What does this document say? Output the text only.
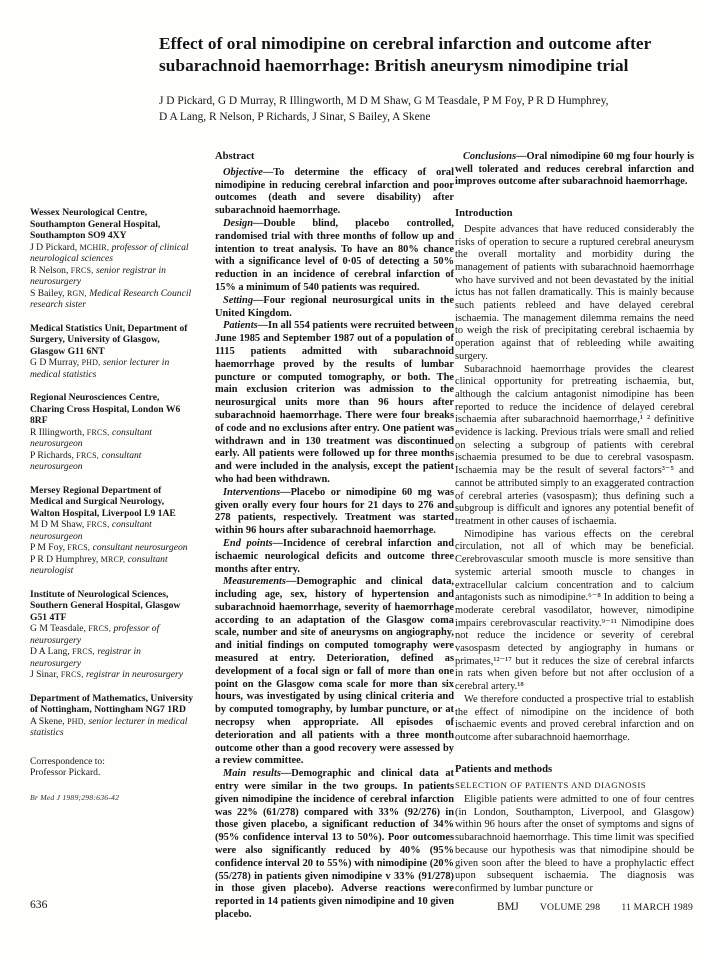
Effect of oral nimodipine on cerebral infarction and outcome after subarachnoid haemorrhage: British aneurysm nimodipine trial

J D Pickard, G D Murray, R Illingworth, M D M Shaw, G M Teasdale, P M Foy, P R D Humphrey,
D A Lang, R Nelson, P Richards, J Sinar, S Bailey, A Skene

Wessex Neurological Centre, Southampton General Hospital, Southampton SO9 4XY

J D Pickard, MCHIR, professor of clinical neurological sciences

R Nelson, FRCS, senior registrar in neurosurgery

S Bailey, RGN, Medical Research Council research sister

Medical Statistics Unit, Department of Surgery, University of Glasgow, Glasgow G11 6NT

G D Murray, PHD, senior lecturer in medical statistics

Regional Neurosciences Centre, Charing Cross Hospital, London W6 8RF

R Illingworth, FRCS, consultant neurosurgeon

P Richards, FRCS, consultant neurosurgeon

Mersey Regional Department of Medical and Surgical Neurology, Walton Hospital, Liverpool L9 1AE

M D M Shaw, FRCS, consultant neurosurgeon

P M Foy, FRCS, consultant neurosurgeon

P R D Humphrey, MRCP, consultant neurologist

Institute of Neurological Sciences, Southern General Hospital, Glasgow G51 4TF

G M Teasdale, FRCS, professor of neurosurgery

D A Lang, FRCS, registrar in neurosurgery

J Sinar, FRCS, registrar in neurosurgery

Department of Mathematics, University of Nottingham, Nottingham NG7 1RD

A Skene, PHD, senior lecturer in medical statistics

Correspondence to:
Professor Pickard.

Br Med J 1989;298:636-42

Abstract

Objective—To determine the efficacy of oral nimodipine in reducing cerebral infarction and poor outcomes (death and severe disability) after subarachnoid haemorrhage.

Design—Double blind, placebo controlled, randomised trial with three months of follow up and intention to treat analysis. To have an 80% chance with a significance level of 0·05 of detecting a 50% reduction in an incidence of cerebral infarction of 15% a minimum of 540 patients was required.

Setting—Four regional neurosurgical units in the United Kingdom.

Patients—In all 554 patients were recruited between June 1985 and September 1987 out of a population of 1115 patients admitted with subarachnoid haemorrhage proved by the results of lumbar puncture or computed tomography, or both. The main exclusion criterion was admission to the neurosurgical units more than 96 hours after subarachnoid haemorrhage. There were four breaks of code and no exclusions after entry. One patient was withdrawn and in 130 treatment was discontinued early. All patients were followed up for three months and were included in the analysis, except the patient who had been withdrawn.

Interventions—Placebo or nimodipine 60 mg was given orally every four hours for 21 days to 276 and 278 patients, respectively. Treatment was started within 96 hours after subarachnoid haemorrhage.

End points—Incidence of cerebral infarction and ischaemic neurological deficits and outcome three months after entry.

Measurements—Demographic and clinical data, including age, sex, history of hypertension and subarachnoid haemorrhage, severity of haemorrhage according to an adaptation of the Glasgow coma scale, number and site of aneurysms on angiography, and initial findings on computed tomography were measured at entry. Deterioration, defined as development of a focal sign or fall of more than one point on the Glasgow coma scale for more than six hours, was investigated by using clinical criteria and by computed tomography, by lumbar puncture, or at necropsy when appropriate. All episodes of deterioration and all patients with a three month outcome other than a good recovery were assessed by a review committee.

Main results—Demographic and clinical data at entry were similar in the two groups. In patients given nimodipine the incidence of cerebral infarction was 22% (61/278) compared with 33% (92/276) in those given placebo, a significant reduction of 34% (95% confidence interval 13 to 50%). Poor outcomes were also significantly reduced by 40% (95% confidence interval 20 to 55%) with nimodipine (20% (55/278) in patients given nimodipine v 33% (91/278) in those given placebo). Adverse reactions were reported in 14 patients given nimodipine and 10 given placebo.

Conclusions—Oral nimodipine 60 mg four hourly is well tolerated and reduces cerebral infarction and improves outcome after subarachnoid haemorrhage.

Introduction

Despite advances that have reduced considerably the risks of operation to secure a ruptured cerebral aneurysm the overall mortality and morbidity during the management of patients with subarachnoid haemorrhage who have survived and not been devastated by the initial ictus has not fallen dramatically. This is mainly because such patients rebleed and have delayed cerebral ischaemia. The management dilemma remains the need to weigh the risk of precipitating cerebral ischaemia by operation against that of rebleeding while awaiting surgery.

Subarachnoid haemorrhage provides the clearest clinical opportunity for pretreating ischaemia, but, although the calcium antagonist nimodipine has been reported to reduce the incidence of delayed cerebral ischaemia after subarachnoid haemorrhage,¹ ² definitive evidence is lacking. Previous trials were small and relied on selecting a subgroup of patients with cerebral ischaemia presumed to be due to cerebral vasospasm. Ischaemia may be the result of several factors³⁻⁵ and cannot be attributed simply to an exaggerated contraction of cerebral arteries (vasospasm); thus defining such a subgroup is difficult and ignores any potential benefit of treatment in other causes of ischaemia.

Nimodipine has various effects on the cerebral circulation, not all of which may be beneficial. Cerebrovascular smooth muscle is more sensitive than systemic arterial smooth muscle to changes in extracellular calcium concentration and to calcium antagonists such as nimodipine.⁶⁻⁸ In addition to being a moderate cerebral vasodilator, however, nimodipine impairs cerebrovascular reactivity.⁹⁻¹¹ Nimodipine does not reduce the incidence or severity of cerebral vasospasm detected by angiography in humans or primates,¹²⁻¹⁷ but it reduces the size of cerebral infarcts in rats when given before but not after occlusion of a cerebral artery.¹⁸

We therefore conducted a prospective trial to establish the effect of nimodipine on the incidence of both ischaemic events and proved cerebral infarction and on outcome after subarachnoid haemorrhage.

Patients and methods
SELECTION OF PATIENTS AND DIAGNOSIS

Eligible patients were admitted to one of four centres (in London, Southampton, Liverpool, and Glasgow) within 96 hours after the onset of symptoms and signs of subarachnoid haemorrhage. This time limit was specified because our hypothesis was that nimodipine should be given soon after the bleed to have a prophylactic effect upon subsequent ischaemia. The diagnosis was confirmed by lumbar puncture or

636	BMJ VOLUME 298 11 MARCH 1989
